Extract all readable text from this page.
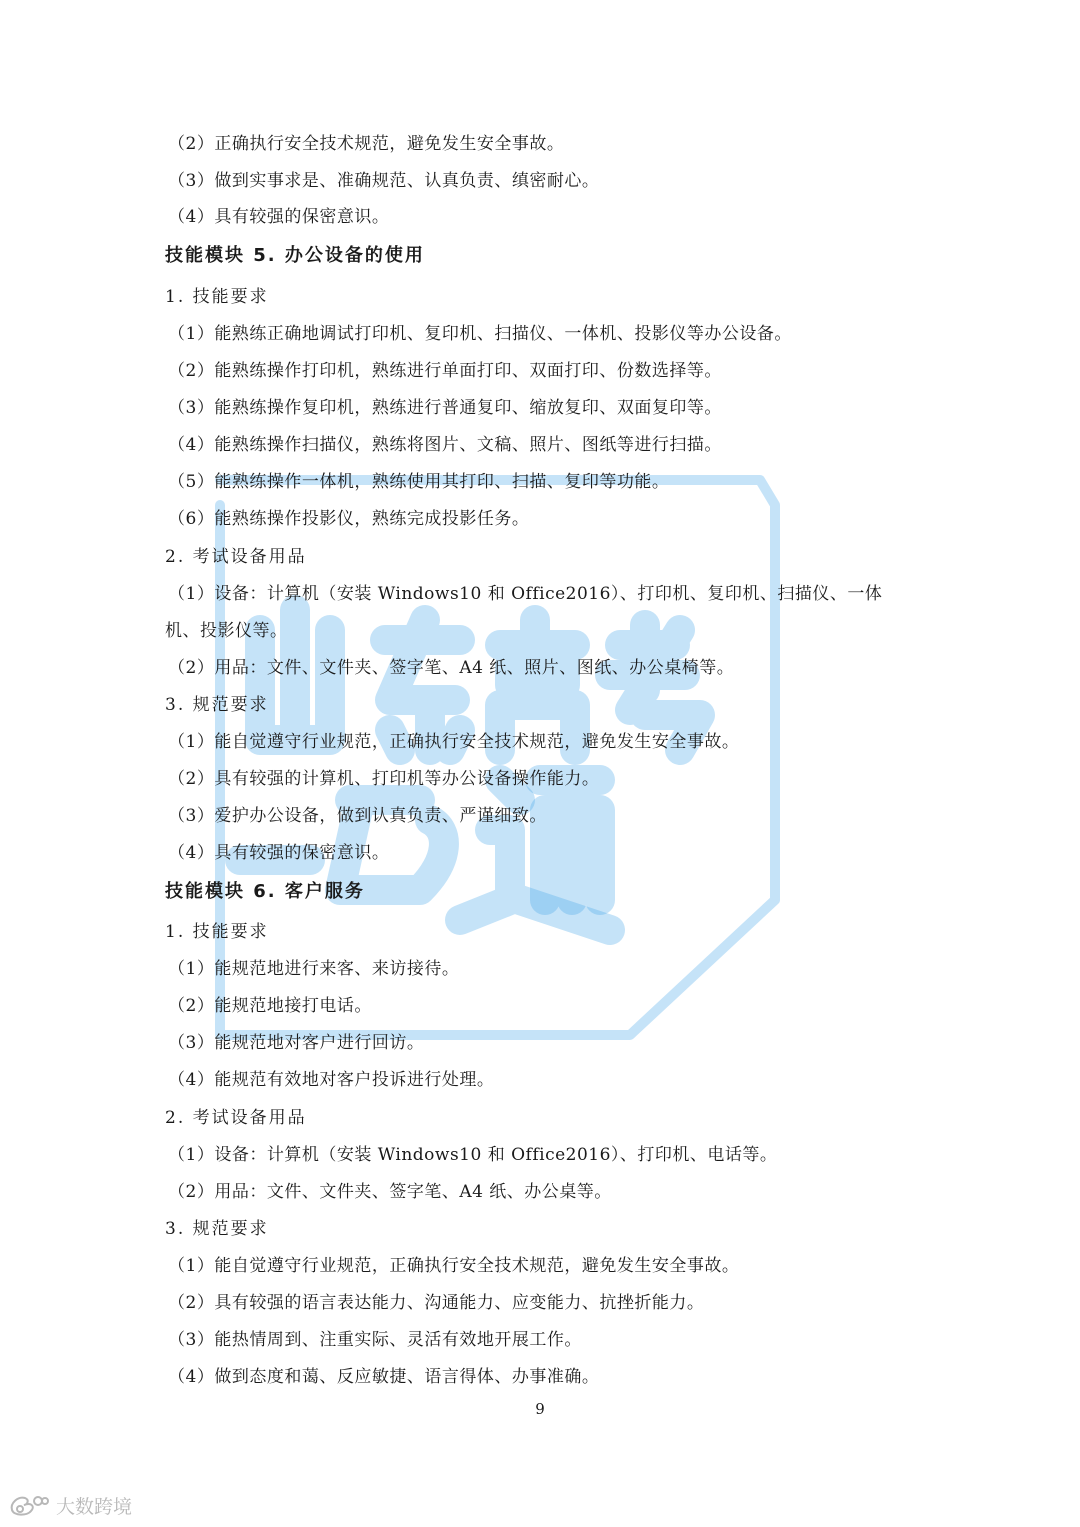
（2）正确执行安全技术规范，避免发生安全事故。
（3）做到实事求是、准确规范、认真负责、缜密耐心。
（4）具有较强的保密意识。
技能模块 5. 办公设备的使用
1. 技能要求
（1）能熟练正确地调试打印机、复印机、扫描仪、一体机、投影仪等办公设备。
（2）能熟练操作打印机，熟练进行单面打印、双面打印、份数选择等。
（3）能熟练操作复印机，熟练进行普通复印、缩放复印、双面复印等。
（4）能熟练操作扫描仪，熟练将图片、文稿、照片、图纸等进行扫描。
（5）能熟练操作一体机，熟练使用其打印、扫描、复印等功能。
（6）能熟练操作投影仪，熟练完成投影任务。
2. 考试设备用品
（1）设备：计算机（安装 Windows10 和 Office2016）、打印机、复印机、扫描仪、一体
机、投影仪等。
（2）用品：文件、文件夹、签字笔、A4 纸、照片、图纸、办公桌椅等。
3. 规范要求
（1）能自觉遵守行业规范，正确执行安全技术规范，避免发生安全事故。
（2）具有较强的计算机、打印机等办公设备操作能力。
（3）爱护办公设备，做到认真负责、严谨细致。
（4）具有较强的保密意识。
技能模块 6. 客户服务
1. 技能要求
（1）能规范地进行来客、来访接待。
（2）能规范地接打电话。
（3）能规范地对客户进行回访。
（4）能规范有效地对客户投诉进行处理。
2. 考试设备用品
（1）设备：计算机（安装 Windows10 和 Office2016）、打印机、电话等。
（2）用品：文件、文件夹、签字笔、A4 纸、办公桌等。
3. 规范要求
（1）能自觉遵守行业规范，正确执行安全技术规范，避免发生安全事故。
（2）具有较强的语言表达能力、沟通能力、应变能力、抗挫折能力。
（3）能热情周到、注重实际、灵活有效地开展工作。
（4）做到态度和蔼、反应敏捷、语言得体、办事准确。
9
大数跨境
